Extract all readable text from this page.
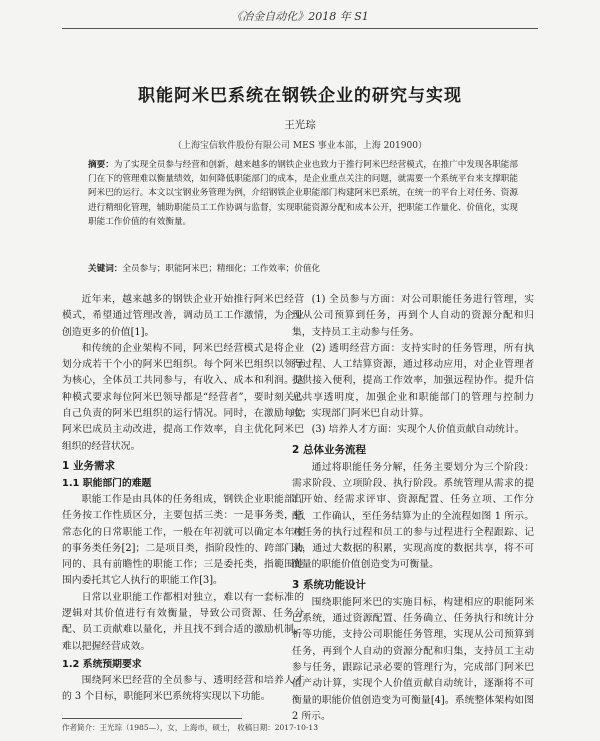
《冶金自动化》2018 年 S1
职能阿米巴系统在钢铁企业的研究与实现
王光琮
（上海宝信软件股份有限公司 MES 事业本部，上海 201900）
摘要：为了实现全员参与经营和创新，越来越多的钢铁企业也致力于推行阿米巴经营模式，在推广中发现各职能部门在下的管理难以衡量绩效，如何降低职能部门的成本，是企业重点关注的问题，就需要一个系统平台来支撑职能阿米巴的运行。本文以宝钢业务管理为例，介绍钢铁企业职能部门构建阿米巴系统，在统一的平台上对任务、资源进行精细化管理，辅助职能员工工作协调与监督，实现职能资源分配和成本公开，把职能工作量化、价值化，实现职能工作价值的有效衡量。
关键词：全员参与；职能阿米巴；精细化；工作效率；价值化

近年来，越来越多的钢铁企业开始推行阿米巴经营模式，希望通过管理改善，调动员工工作激情，为企业创造更多的价值[1]。

和传统的企业架构不同，阿米巴经营模式是将企业划分成若干个小的阿米巴组织。每个阿米巴组织以领导为核心，全体员工共同参与，有收入、成本和利润。这种模式要求每位阿米巴领导都是“经营者”，要时刻关心自己负责的阿米巴组织的运行情况。同时，在激励每位阿米巴成员主动改进，提高工作效率，自主优化阿米巴组织的经营状况。

1 业务需求
1.1 职能部门的难题

职能工作是由具体的任务组成，钢铁企业职能部门任务按工作性质区分，主要包括三类：一是事务类，指常态化的日常职能工作，一般在年初就可以确定本年度的事务类任务[2]；二是项目类，指阶段性的、跨部门协同的、具有前瞻性的职能工作；三是委托类，指範围范围内委托其它人执行的职能工作[3]。

日常以业职能工作都相对独立，难以有一套标准的逻辑对其价值进行有效衡量，导致公司资源、任务分配、员工贡献难以量化，并且找不到合适的激励机制，难以把握经营成效。

1.2 系统预期要求

围绕阿米巴经营的全员参与、透明经营和培养人才的 3 个目标，职能阿米巴系统将实现以下功能。

(1) 全员参与方面：对公司职能任务进行管理，实现从公司预算到任务，再到个人自动的资源分配和归集，支持员工主动参与任务。

(2) 透明经营方面：支持实时的任务管理，所有执行过程、人工结算资源，通过移动应用，对企业管理者提供接入便利，提高工作效率，加强远程协作。提升信息共享透明度，加强企业和职能部门的管理与控制力度；实现部门阿米巴自动计算。

(3) 培养人才方面：实现个人价值贡献自动统计。

2 总体业务流程

通过将职能任务分解，任务主要划分为三个阶段：需求阶段、立项阶段、执行阶段。系统管理从需求的提出开始、经需求评审、资源配置、任务立项、工作分配、工作确认，至任务结算为止的全流程如图 1 所示。对任务的执行过程和员工的参与过程进行全程跟踪、记录，通过大数据的积累，实现高度的数据共享，将不可衡量的职能价值创造变为可衡量。

3 系统功能设计

围绕职能阿米巴的实施目标，构建相应的职能阿米巴系统，通过资源配置、任务确立、任务执行和统计分析等功能，支持公司职能任务管理，实现从公司预算到任务，再到个人自动的资源分配和归集，支持员工主动参与任务，跟踪记录必要的管理行为，完成部门阿米巴值产动计算，实现个人价值贡献自动统计，逐渐将不可衡量的职能价值创造变为可衡量[4]。系统整体架构如图 2 所示。

作者简介：王光琮（1985—），女，上海市，硕士， 收稿日期：2017-10-13
